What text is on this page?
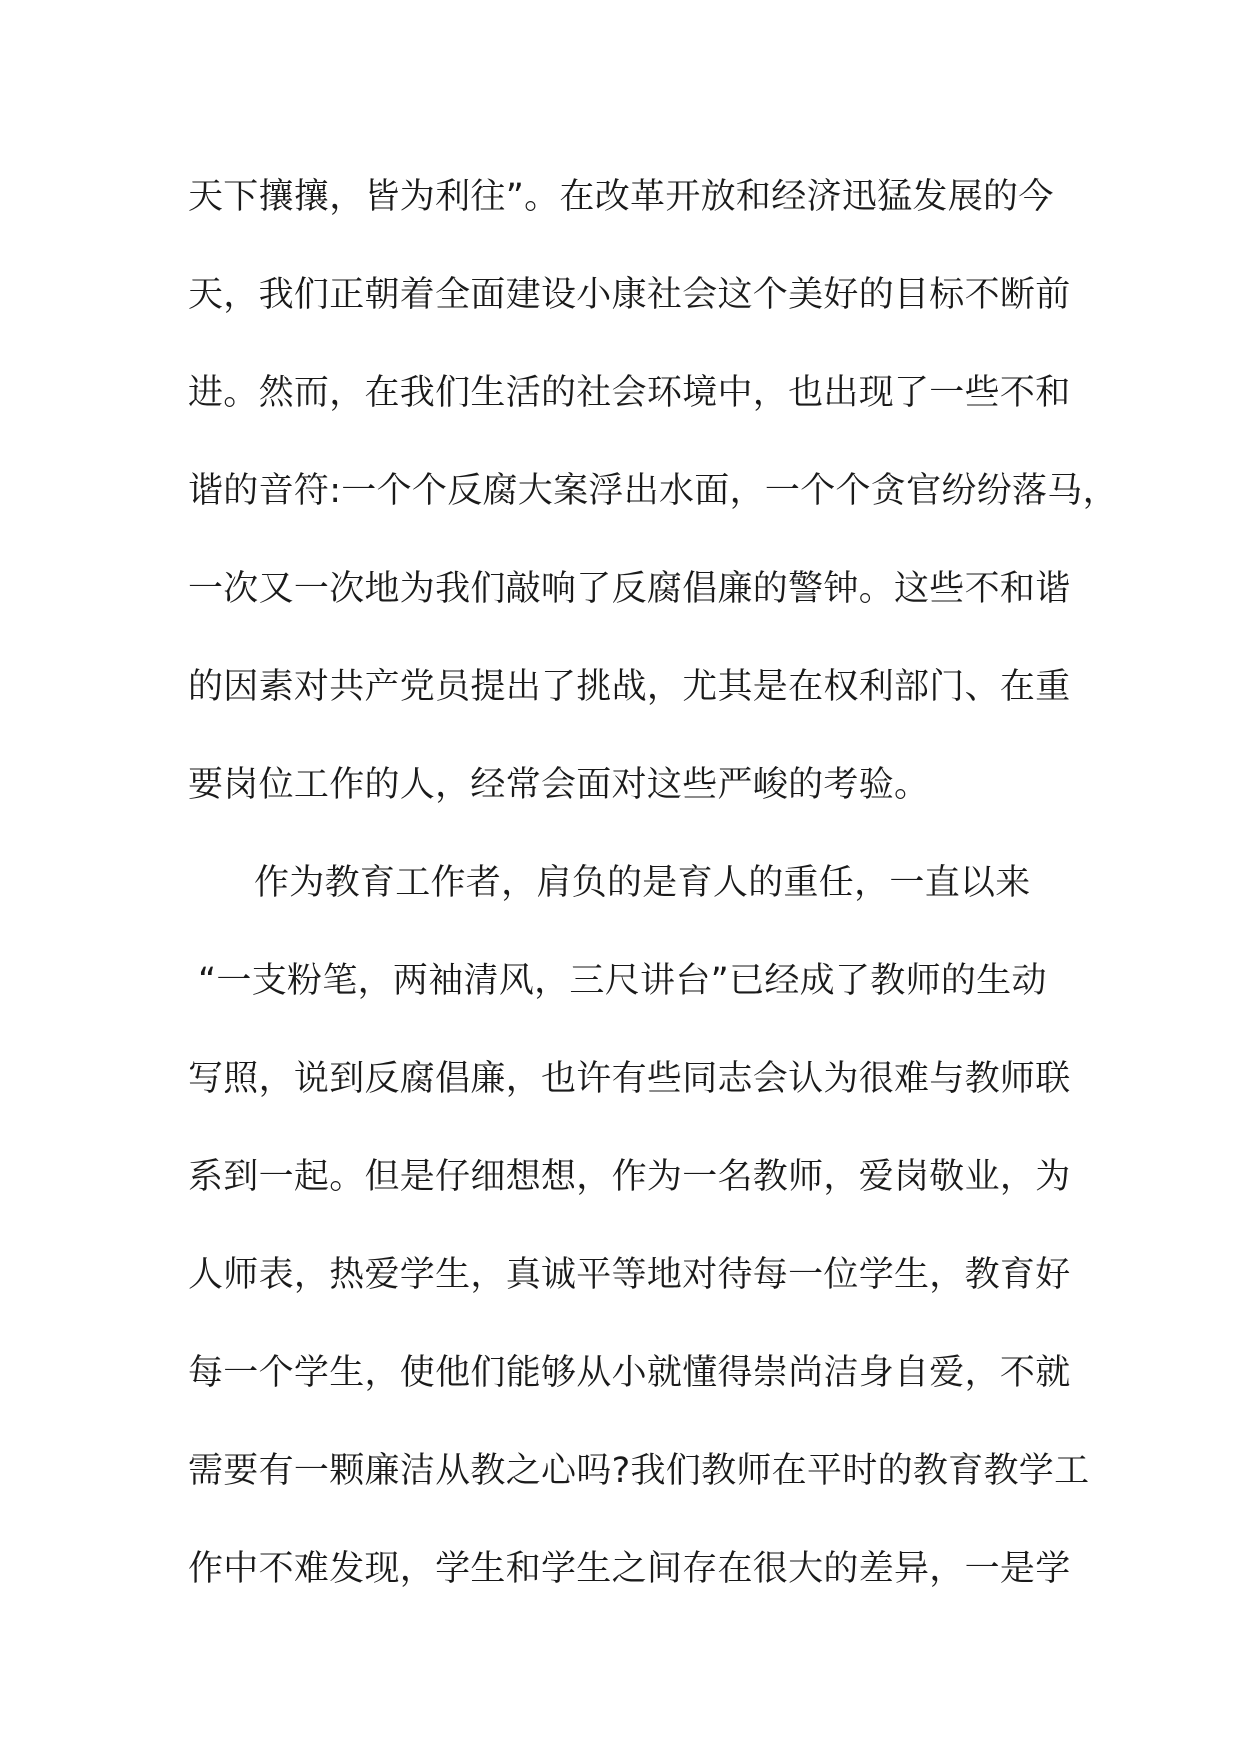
天下攘攘，皆为利往”。在改革开放和经济迅猛发展的今

天，我们正朝着全面建设小康社会这个美好的目标不断前

进。然而，在我们生活的社会环境中，也出现了一些不和

谐的音符:一个个反腐大案浮出水面，一个个贪官纷纷落马，

一次又一次地为我们敲响了反腐倡廉的警钟。这些不和谐

的因素对共产党员提出了挑战，尤其是在权利部门、在重

要岗位工作的人，经常会面对这些严峻的考验。

作为教育工作者，肩负的是育人的重任，一直以来

“一支粉笔，两袖清风，三尺讲台”已经成了教师的生动

写照，说到反腐倡廉，也许有些同志会认为很难与教师联

系到一起。但是仔细想想，作为一名教师，爱岗敬业，为

人师表，热爱学生，真诚平等地对待每一位学生，教育好

每一个学生，使他们能够从小就懂得崇尚洁身自爱，不就

需要有一颗廉洁从教之心吗?我们教师在平时的教育教学工

作中不难发现，学生和学生之间存在很大的差异，一是学
